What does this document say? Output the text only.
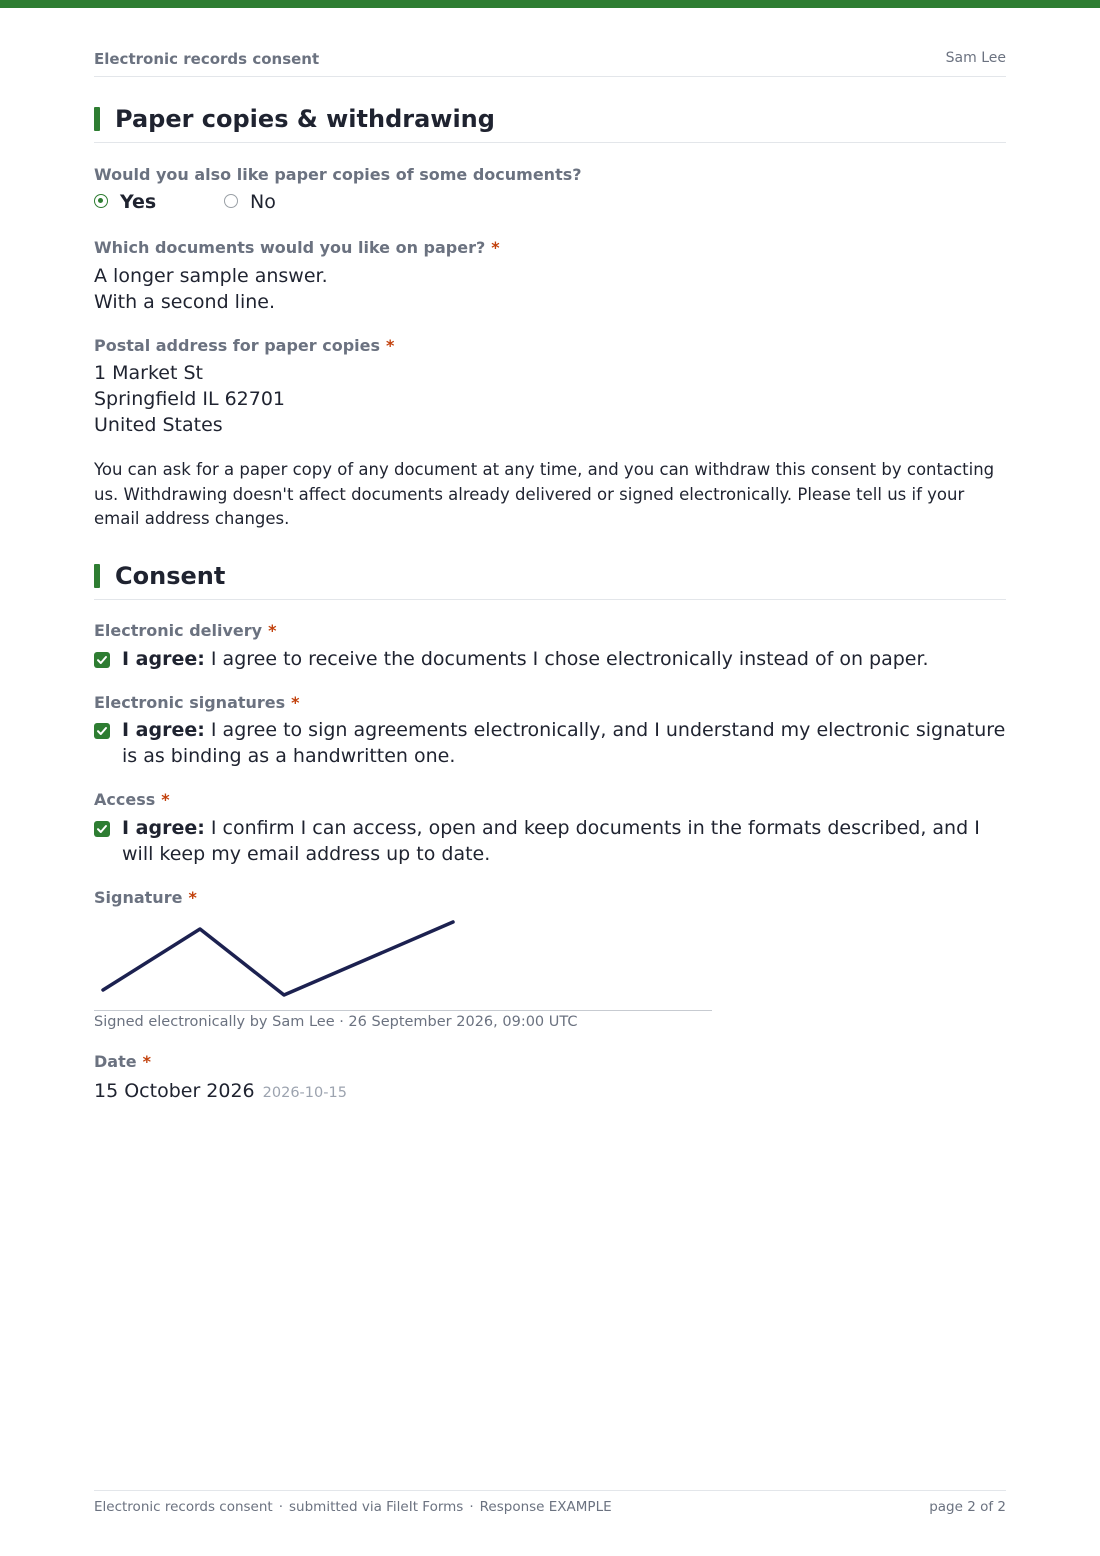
Electronic records consent	Sam Lee
Paper copies & withdrawing
Would you also like paper copies of some documents?
Yes	No
Which documents would you like on paper? *
A longer sample answer.
With a second line.
Postal address for paper copies *
1 Market St
Springfield IL 62701
United States
You can ask for a paper copy of any document at any time, and you can withdraw this consent by contacting us. Withdrawing doesn't affect documents already delivered or signed electronically. Please tell us if your email address changes.
Consent
Electronic delivery *
I agree: I agree to receive the documents I chose electronically instead of on paper.
Electronic signatures *
I agree: I agree to sign agreements electronically, and I understand my electronic signature is as binding as a handwritten one.
Access *
I agree: I confirm I can access, open and keep documents in the formats described, and I will keep my email address up to date.
Signature *
Signed electronically by Sam Lee · 26 September 2026, 09:00 UTC
Date *
15 October 2026 2026-10-15
Electronic records consent · submitted via FileIt Forms · Response EXAMPLE	page 2 of 2
